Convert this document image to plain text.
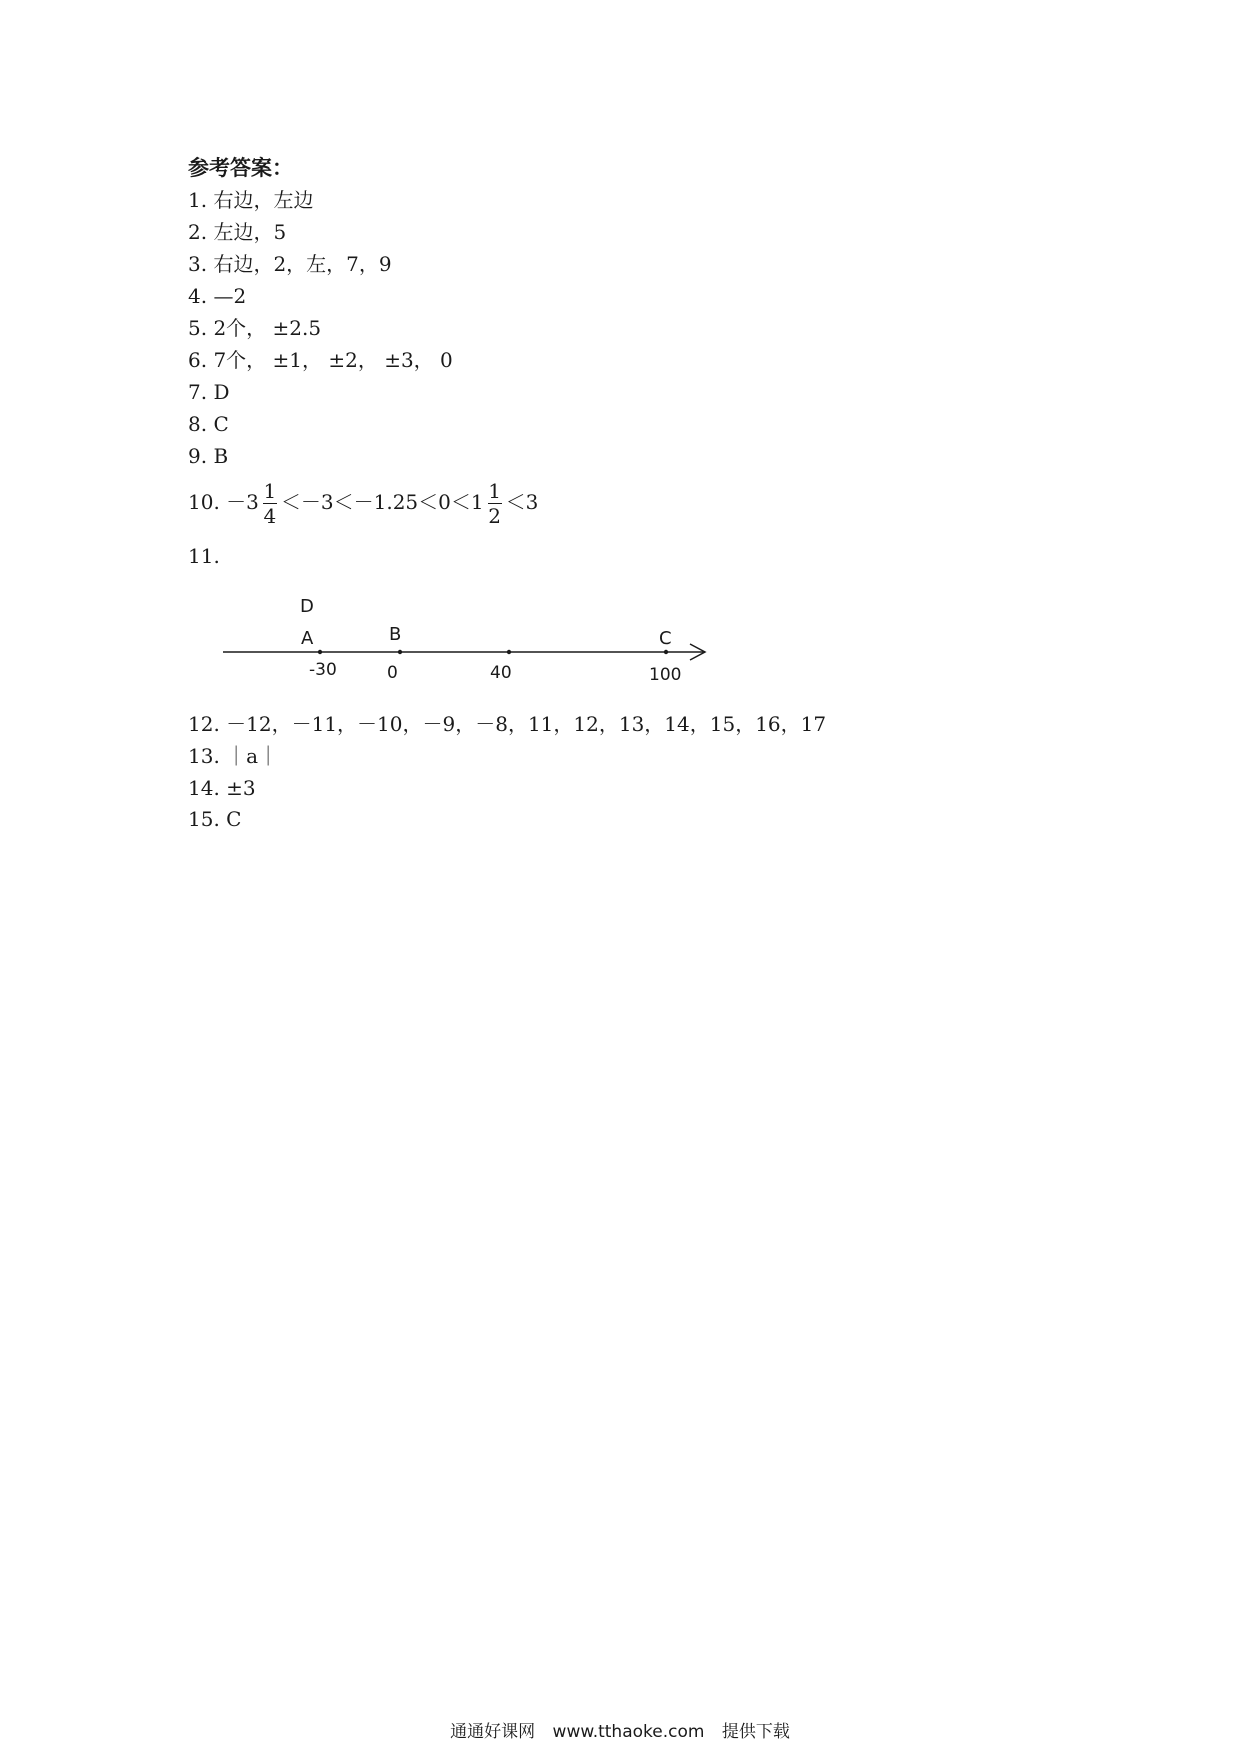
参考答案：
1. 右边，左边
2. 左边，5
3. 右边，2，左，7，9
4. —2
5. 2个， ±2.5
6. 7个， ±1， ±2， ±3， 0
7. D
8. C
9. B
10. $-3 \frac{1}{4} <-3<-1.25<0<1 \frac{1}{2} <3$
11.
D
A	B	C
-30	0	40	100
12. －12，－11，－10，－9，－8，11，12，13，14，15，16，17
13. ｜a｜
14. ±3
15. C
通通好课网 www.tthaoke.com 提供下载
